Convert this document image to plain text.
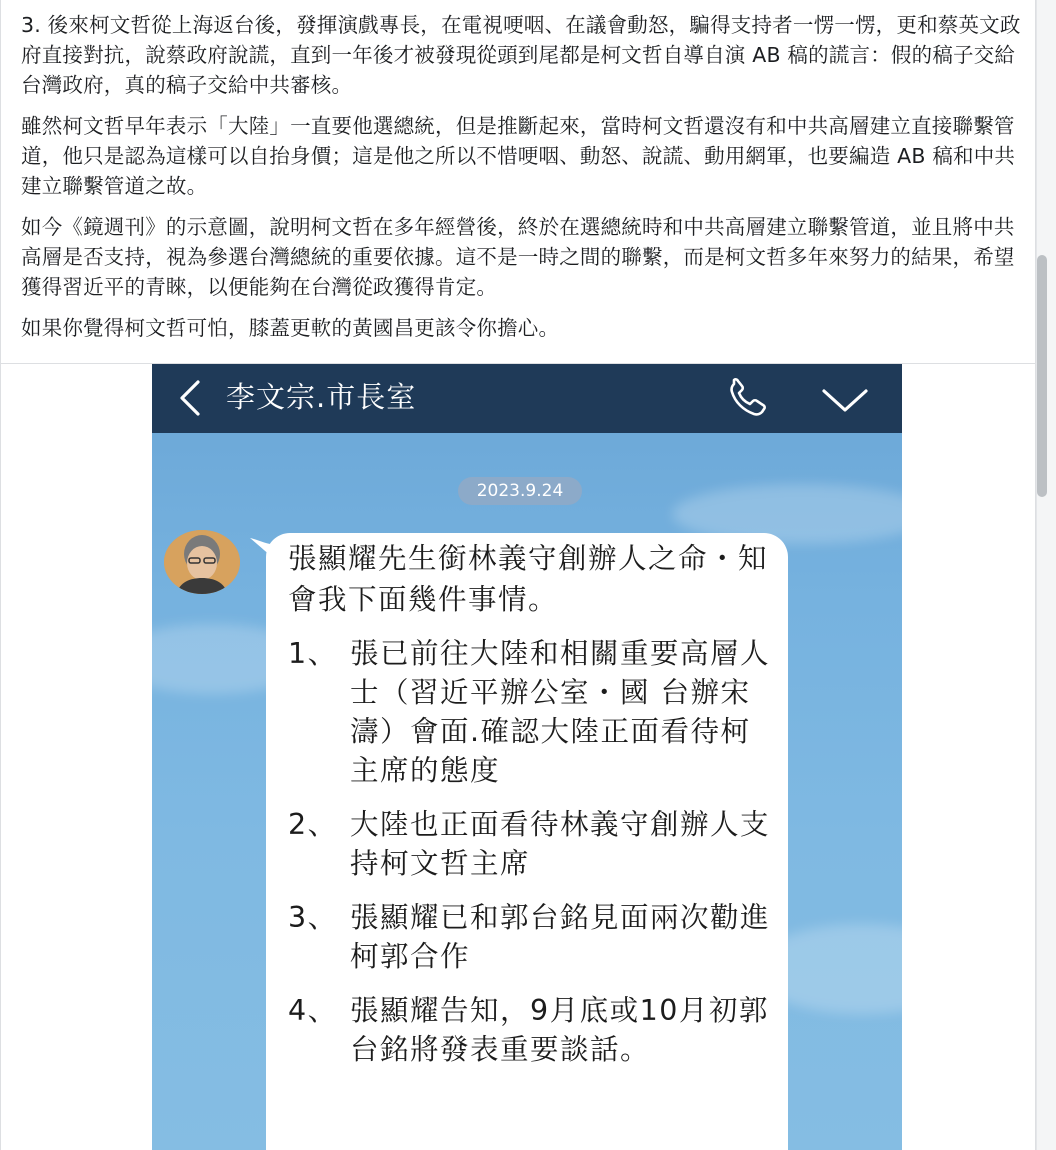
3. 後來柯文哲從上海返台後，發揮演戲專長，在電視哽咽、在議會動怒，騙得支持者一愣一愣，更和蔡英文政府直接對抗，說蔡政府說謊，直到一年後才被發現從頭到尾都是柯文哲自導自演 AB 稿的謊言：假的稿子交給台灣政府，真的稿子交給中共審核。

雖然柯文哲早年表示「大陸」一直要他選總統，但是推斷起來，當時柯文哲還沒有和中共高層建立直接聯繫管道，他只是認為這樣可以自抬身價；這是他之所以不惜哽咽、動怒、說謊、動用網軍，也要編造 AB 稿和中共建立聯繫管道之故。

如今《鏡週刊》的示意圖，說明柯文哲在多年經營後，終於在選總統時和中共高層建立聯繫管道，並且將中共高層是否支持，視為參選台灣總統的重要依據。這不是一時之間的聯繫，而是柯文哲多年來努力的結果，希望獲得習近平的青睞，以便能夠在台灣從政獲得肯定。

如果你覺得柯文哲可怕，膝蓋更軟的黃國昌更該令你擔心。

李文宗.市長室
2023.9.24

張顯耀先生銜林義守創辦人之命・知會我下面幾件事情。

1、 張已前往大陸和相關重要高層人士（習近平辦公室・國 台辦宋濤）會面.確認大陸正面看待柯主席的態度
2、 大陸也正面看待林義守創辦人支持柯文哲主席
3、 張顯耀已和郭台銘見面兩次勸進柯郭合作
4、 張顯耀告知，9月底或10月初郭台銘將發表重要談話。
